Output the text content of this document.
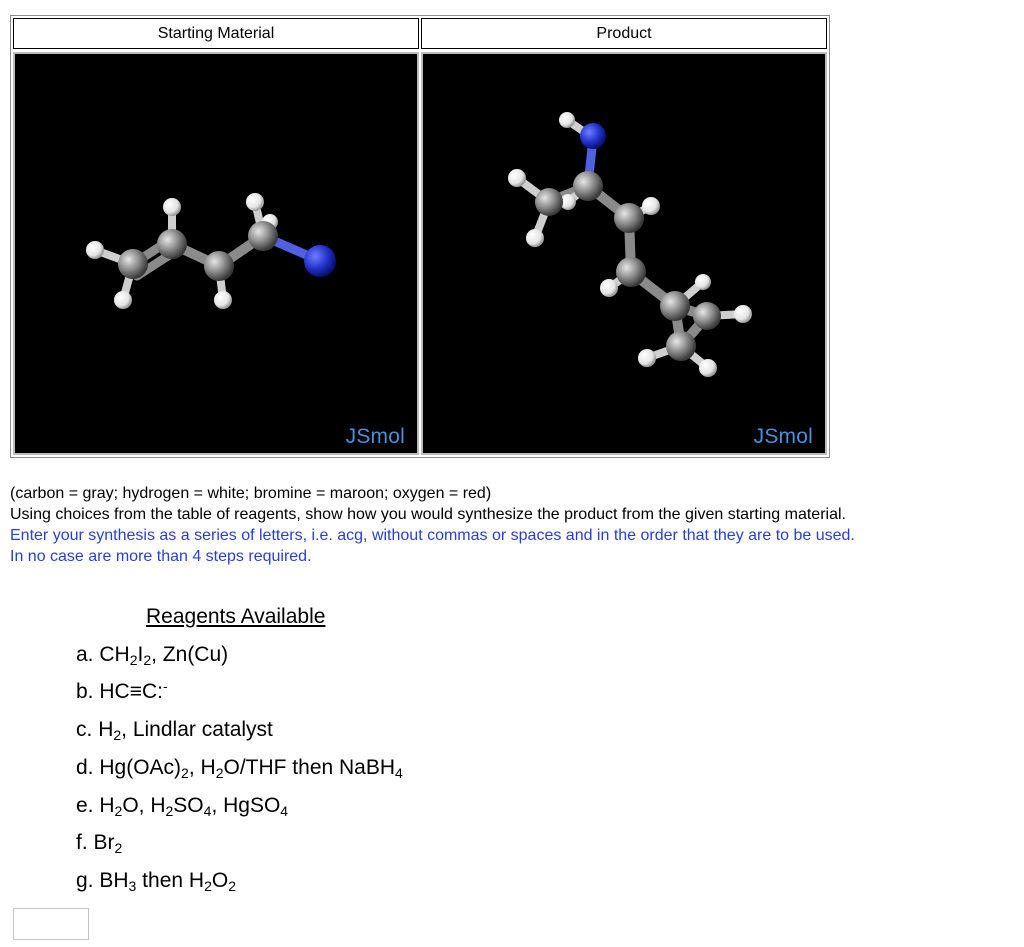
Starting Material
JSmol
Product
JSmol
(carbon = gray; hydrogen = white; bromine = maroon; oxygen = red)
Using choices from the table of reagents, show how you would synthesize the product from the given starting material.
Enter your synthesis as a series of letters, i.e. acg, without commas or spaces and in the order that they are to be used.
In no case are more than 4 steps required.
Reagents Available
a. $CH_2I_2$, Zn(Cu)
b. HC≡C:-
c. $H_2$, Lindlar catalyst
d. $Hg(OAc)_2$, $H_2O$/THF then NaBH$_4$
e. $H_2O$, $H_2SO_4$, HgSO$_4$
f. $Br_2$
g. $BH_3$ then $H_2O_2$
